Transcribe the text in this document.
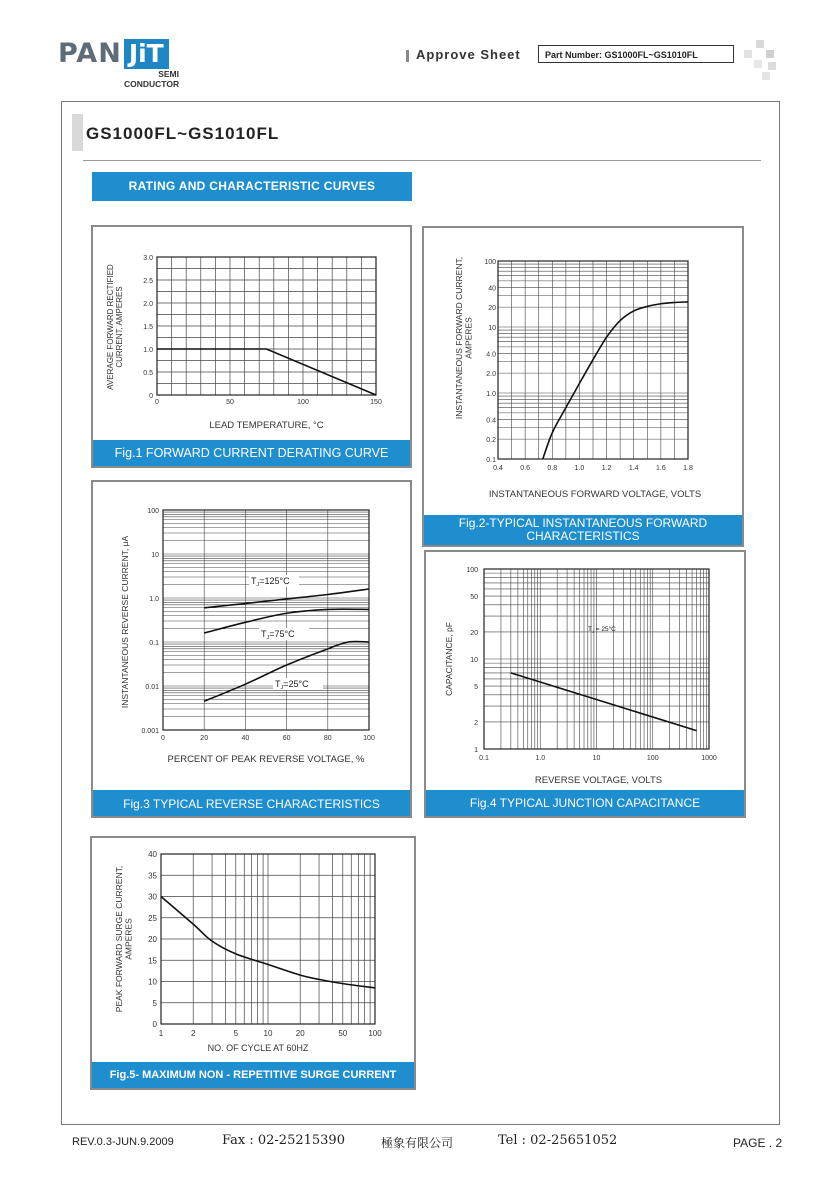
PAN JiT
SEMI
CONDUCTOR
Approve Sheet	Part Number: GS1000FL~GS1010FL
GS1000FL~GS1010FL
RATING AND CHARACTERISTIC CURVES
0	50	100	150
0
0.5
1.0
1.5
2.0
2.5
3.0
LEAD TEMPERATURE, °C
AVERAGE FORWARD RECTIFIED CURRENT, AMPERES
Fig.1 FORWARD CURRENT DERATING CURVE
0.4 0.6 0.8 1.0 1.2 1.4 1.6 1.8
0.1
0.2
0.4
1.0
2.0
4.0
10
20
40
100
INSTANTANEOUS FORWARD VOLTAGE, VOLTS
INSTANTANEOUS FORWARD CURRENT, AMPERES
Fig.2-TYPICAL INSTANTANEOUS FORWARD
CHARACTERISTICS
0	20	40	60	80	100
0.001
0.01
0.1
1.0
10
100
$T_J=125^\circ C$
$T_J=75^\circ C$
$T_J=25^\circ C$
PERCENT OF PEAK REVERSE VOLTAGE, %
INSTANTANEOUS REVERSE CURRENT, μA
Fig.3 TYPICAL REVERSE CHARACTERISTICS
0.1	1.0	10	100	1000
1
2
5
10
20
50
100
$T_J = 25^\circ C$
REVERSE VOLTAGE, VOLTS
CAPACITANCE, pF
Fig.4 TYPICAL JUNCTION CAPACITANCE
1	2	5	10	20	50	100
0
5
10
15
20
25
30
35
40
NO. OF CYCLE AT 60HZ
PEAK FORWARD SURGE CURRENT, AMPERES
Fig.5- MAXIMUM NON - REPETITIVE SURGE CURRENT
REV.0.3-JUN.9.2009	Fax : 02-25215390	極象有限公司	Tel : 02-25651052	PAGE . 2
